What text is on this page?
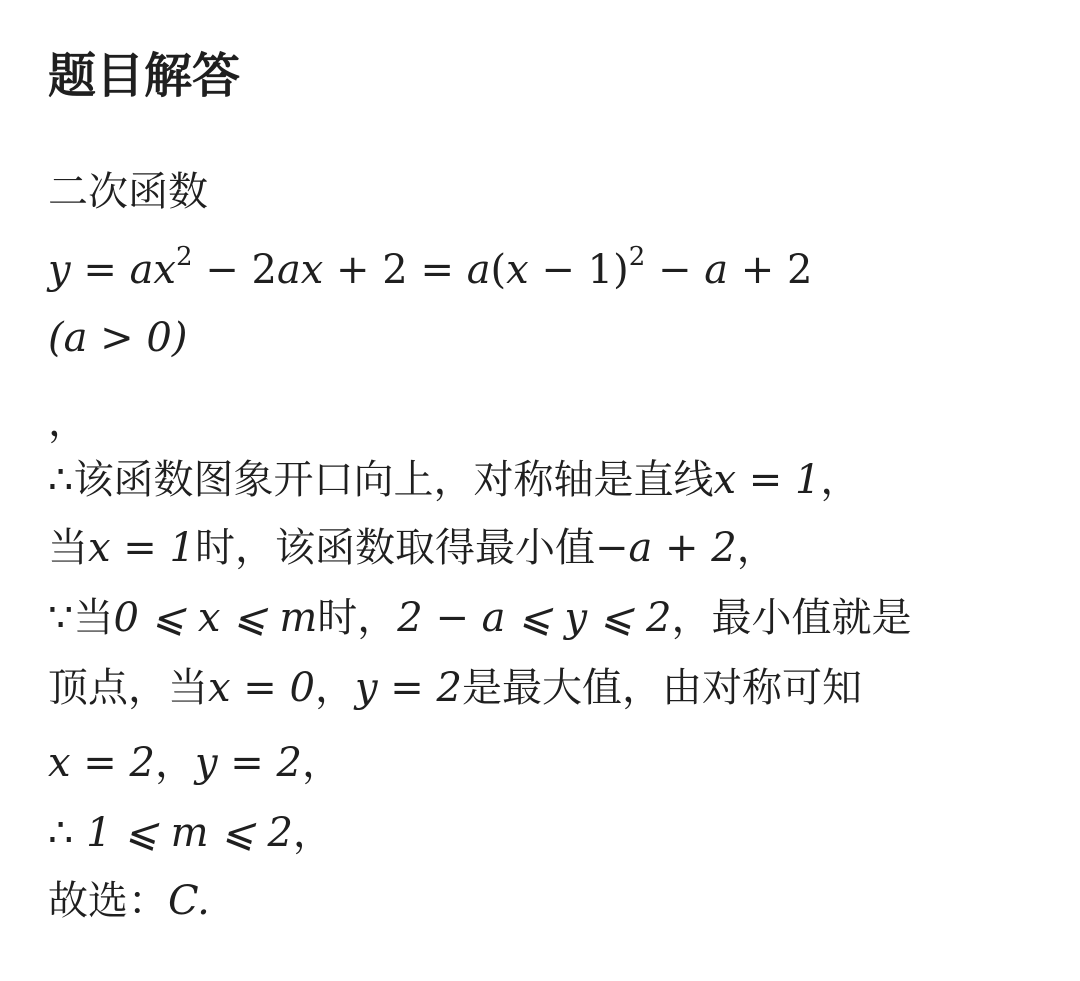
题目解答
二次函数
$y = ax^2 - 2ax + 2 = a(x - 1)^2 - a + 2$
(a > 0)
，
∴该函数图象开口向上，对称轴是直线x = 1，
当x = 1时，该函数取得最小值−a + 2，
∵当0 ⩽ x ⩽ m时，2 − a ⩽ y ⩽ 2，最小值就是
顶点，当x = 0，y = 2是最大值，由对称可知
x = 2，y = 2，
∴ 1 ⩽ m ⩽ 2，
故选：C.
